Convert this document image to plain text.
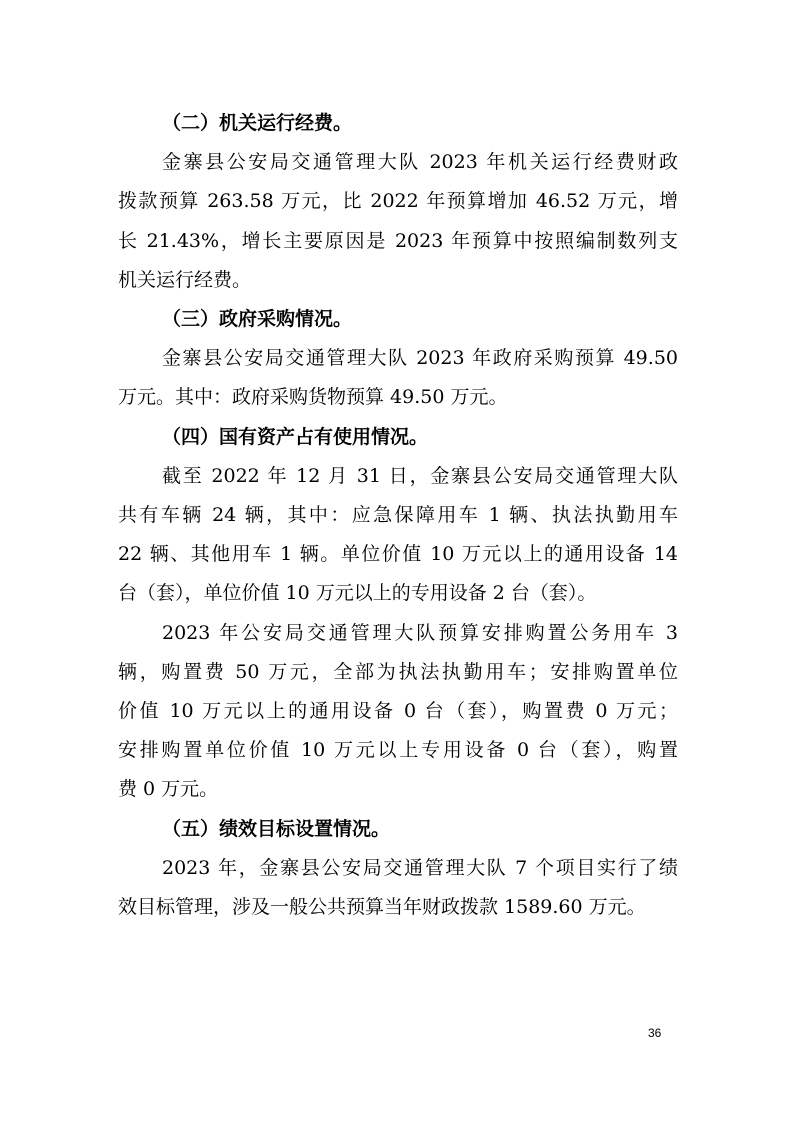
（二）机关运行经费。
金寨县公安局交通管理大队 2023 年机关运行经费财政
拨款预算 263.58 万元，比 2022 年预算增加 46.52 万元，增
长 21.43%，增长主要原因是 2023 年预算中按照编制数列支
机关运行经费。
（三）政府采购情况。
金寨县公安局交通管理大队 2023 年政府采购预算 49.50
万元。其中：政府采购货物预算 49.50 万元。
（四）国有资产占有使用情况。
截至 2022 年 12 月 31 日，金寨县公安局交通管理大队
共有车辆 24 辆，其中：应急保障用车 1 辆、执法执勤用车
22 辆、其他用车 1 辆。单位价值 10 万元以上的通用设备 14
台（套），单位价值 10 万元以上的专用设备 2 台（套）。
2023 年公安局交通管理大队预算安排购置公务用车 3
辆，购置费 50 万元，全部为执法执勤用车；安排购置单位
价值 10 万元以上的通用设备 0 台（套），购置费 0 万元；
安排购置单位价值 10 万元以上专用设备 0 台（套），购置
费 0 万元。
（五）绩效目标设置情况。
2023 年，金寨县公安局交通管理大队 7 个项目实行了绩
效目标管理，涉及一般公共预算当年财政拨款 1589.60 万元。
36
